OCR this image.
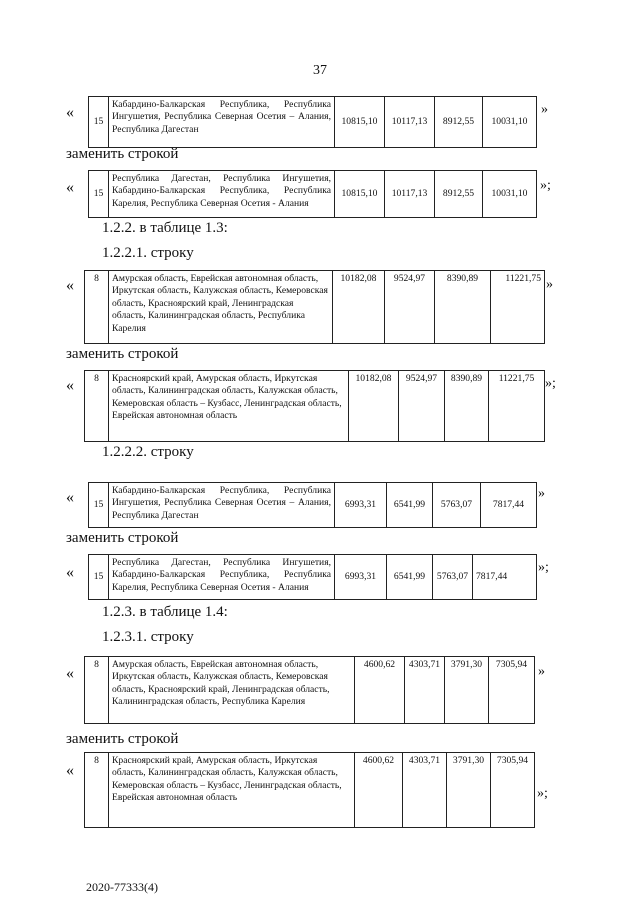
37
«
15	Кабардино-Балкарская Республика, Республика Ингушетия, Республика Северная Осетия – Алания, Республика Дагестан	10815,10	10117,13	8912,55	10031,10
»
заменить строкой
« 15	Республика Дагестан, Республика Ингушетия, Кабардино-Балкарская Республика, Республика Карелия, Республика Северная Осетия - Алания	10815,10	10117,13	8912,55	10031,10
»;
1.2.2. в таблице 1.3:
1.2.2.1. строку
« 8	Амурская область, Еврейская автономная область, Иркутская область, Калужская область, Кемеровская область, Красноярский край, Ленинградская область, Калининградская область, Республика Карелия	10182,08	9524,97	8390,89	11221,75 »
заменить строкой
« 8	Красноярский край, Амурская область, Иркутская область, Калининградская область, Калужская область, Кемеровская область – Кузбасс, Ленинградская область, Еврейская автономная область	10182,08	9524,97	8390,89	11221,75 »;
1.2.2.2. строку
« 15	Кабардино-Балкарская Республика, Республика Ингушетия, Республика Северная Осетия – Алания, Республика Дагестан	6993,31	6541,99	5763,07	7817,44
»
заменить строкой
« 15	Республика Дагестан, Республика Ингушетия, Кабардино-Балкарская Республика, Республика Карелия, Республика Северная Осетия - Алания	6993,31	6541,99	5763,07	7817,44
»;
1.2.3. в таблице 1.4:
1.2.3.1. строку
«
8	Амурская область, Еврейская автономная область, Иркутская область, Калужская область, Кемеровская область, Красноярский край, Ленинградская область, Калининградская область, Республика Карелия	4600,62	4303,71	3791,30	7305,94 »
заменить строкой
«
8	Красноярский край, Амурская область, Иркутская область, Калининградская область, Калужская область, Кемеровская область – Кузбасс, Ленинградская область, Еврейская автономная область	4600,62	4303,71	3791,30	7305,94
»;
2020-77333(4)
